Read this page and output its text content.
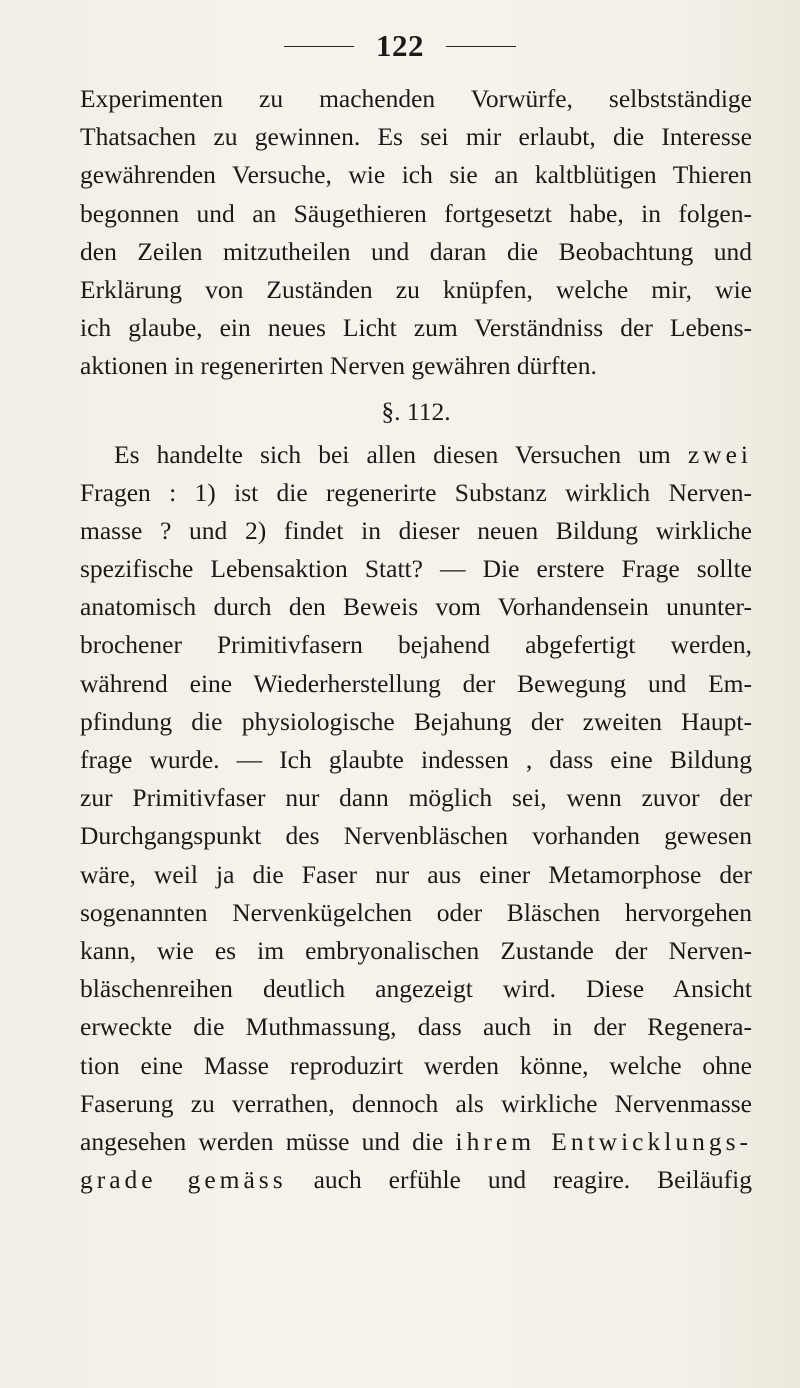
122
Experimenten zu machenden Vorwürfe, selbstständige
Thatsachen zu gewinnen. Es sei mir erlaubt, die Interesse
gewährenden Versuche, wie ich sie an kaltblütigen Thieren
begonnen und an Säugethieren fortgesetzt habe, in folgen-
den Zeilen mitzutheilen und daran die Beobachtung und
Erklärung von Zuständen zu knüpfen, welche mir, wie
ich glaube, ein neues Licht zum Verständniss der Lebens-
aktionen in regenerirten Nerven gewähren dürften.
§. 112.
Es handelte sich bei allen diesen Versuchen um zwei
Fragen : 1) ist die regenerirte Substanz wirklich Nerven-
masse ? und 2) findet in dieser neuen Bildung wirkliche
spezifische Lebensaktion Statt? — Die erstere Frage sollte
anatomisch durch den Beweis vom Vorhandensein ununter-
brochener Primitivfasern bejahend abgefertigt werden,
während eine Wiederherstellung der Bewegung und Em-
pfindung die physiologische Bejahung der zweiten Haupt-
frage wurde. — Ich glaubte indessen , dass eine Bildung
zur Primitivfaser nur dann möglich sei, wenn zuvor der
Durchgangspunkt des Nervenbläschen vorhanden gewesen
wäre, weil ja die Faser nur aus einer Metamorphose der
sogenannten Nervenkügelchen oder Bläschen hervorgehen
kann, wie es im embryonalischen Zustande der Nerven-
bläschenreihen deutlich angezeigt wird. Diese Ansicht
erweckte die Muthmassung, dass auch in der Regenera-
tion eine Masse reproduzirt werden könne, welche ohne
Faserung zu verrathen, dennoch als wirkliche Nervenmasse
angesehen werden müsse und die ihrem Entwicklungs-
grade gemäss auch erfühle und reagire. Beiläufig
